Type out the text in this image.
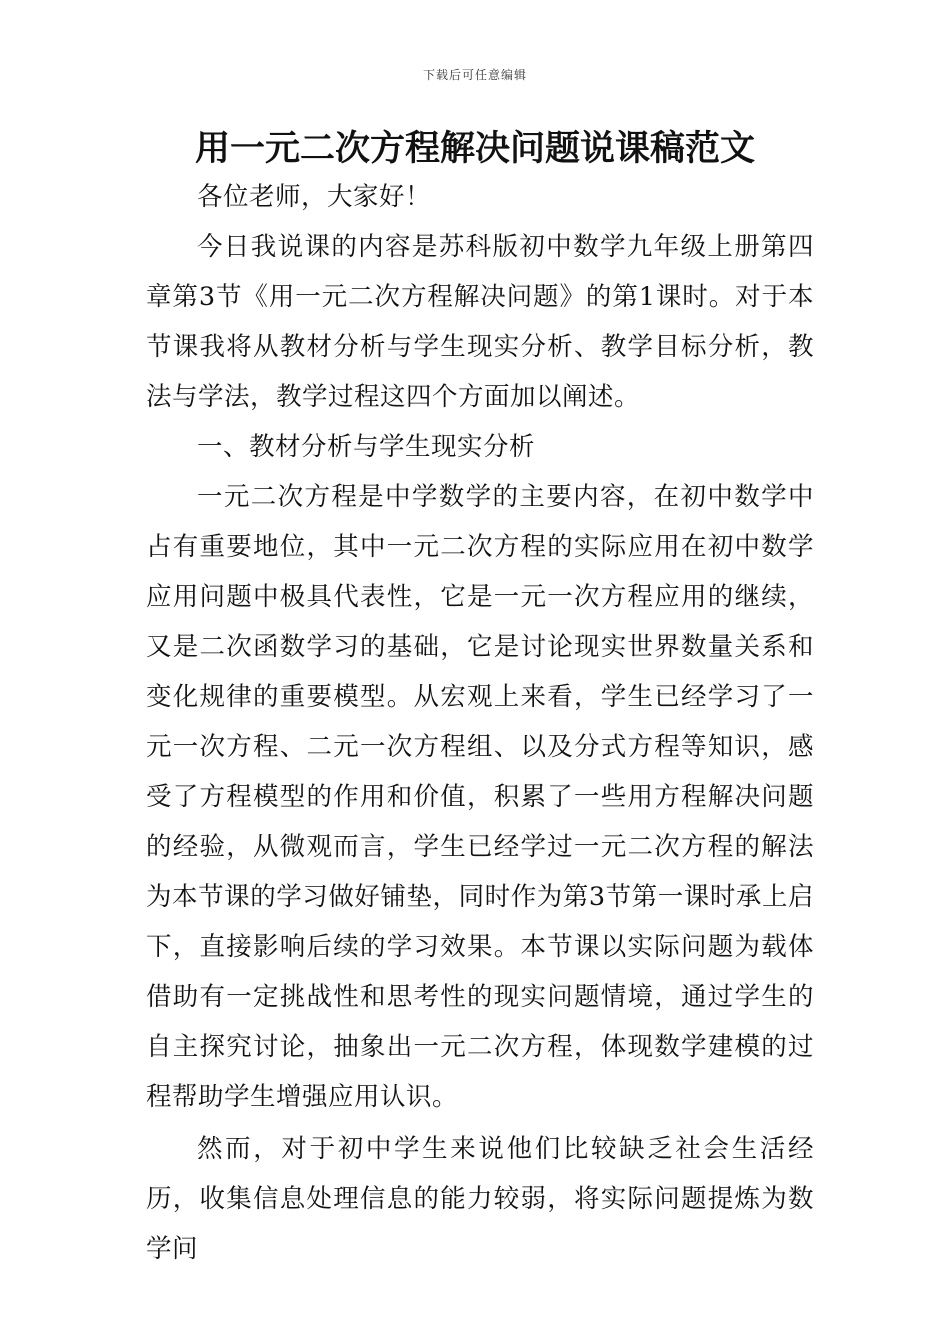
下载后可任意编辑
用一元二次方程解决问题说课稿范文

各位老师，大家好！

今日我说课的内容是苏科版初中数学九年级上册第四章第3节《用一元二次方程解决问题》的第1课时。对于本节课我将从教材分析与学生现实分析、教学目标分析，教法与学法，教学过程这四个方面加以阐述。

一、教材分析与学生现实分析

一元二次方程是中学数学的主要内容，在初中数学中占有重要地位，其中一元二次方程的实际应用在初中数学应用问题中极具代表性，它是一元一次方程应用的继续，又是二次函数学习的基础，它是讨论现实世界数量关系和变化规律的重要模型。从宏观上来看，学生已经学习了一元一次方程、二元一次方程组、以及分式方程等知识，感受了方程模型的作用和价值，积累了一些用方程解决问题的经验，从微观而言，学生已经学过一元二次方程的解法为本节课的学习做好铺垫，同时作为第3节第一课时承上启下，直接影响后续的学习效果。本节课以实际问题为载体借助有一定挑战性和思考性的现实问题情境，通过学生的自主探究讨论，抽象出一元二次方程，体现数学建模的过程帮助学生增强应用认识。

然而，对于初中学生来说他们比较缺乏社会生活经历，收集信息处理信息的能力较弱，将实际问题提炼为数学问
